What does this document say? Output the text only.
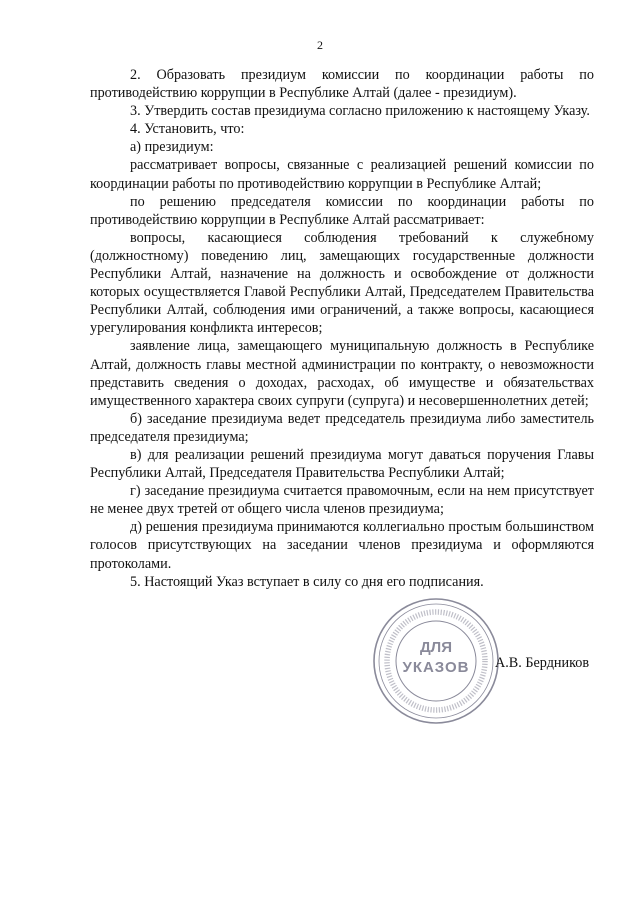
2

2. Образовать президиум комиссии по координации работы по противодействию коррупции в Республике Алтай (далее - президиум).

3. Утвердить состав президиума согласно приложению к настоящему Указу.

4. Установить, что:

а) президиум:

рассматривает вопросы, связанные с реализацией решений комиссии по координации работы по противодействию коррупции в Республике Алтай;

по решению председателя комиссии по координации работы по противодействию коррупции в Республике Алтай рассматривает:

вопросы, касающиеся соблюдения требований к служебному (должностному) поведению лиц, замещающих государственные должности Республики Алтай, назначение на должность и освобождение от должности которых осуществляется Главой Республики Алтай, Председателем Правительства Республики Алтай, соблюдения ими ограничений, а также вопросы, касающиеся урегулирования конфликта интересов;

заявление лица, замещающего муниципальную должность в Республике Алтай, должность главы местной администрации по контракту, о невозможности представить сведения о доходах, расходах, об имуществе и обязательствах имущественного характера своих супруги (супруга) и несовершеннолетних детей;

б) заседание президиума ведет председатель президиума либо заместитель председателя президиума;

в) для реализации решений президиума могут даваться поручения Главы Республики Алтай, Председателя Правительства Республики Алтай;

г) заседание президиума считается правомочным, если на нем присутствует не менее двух третей от общего числа членов президиума;

д) решения президиума принимаются коллегиально простым большинством голосов присутствующих на заседании членов президиума и оформляются протоколами.

5. Настоящий Указ вступает в силу со дня его подписания.

ДЛЯ
УКАЗОВ А.В. Бердников
